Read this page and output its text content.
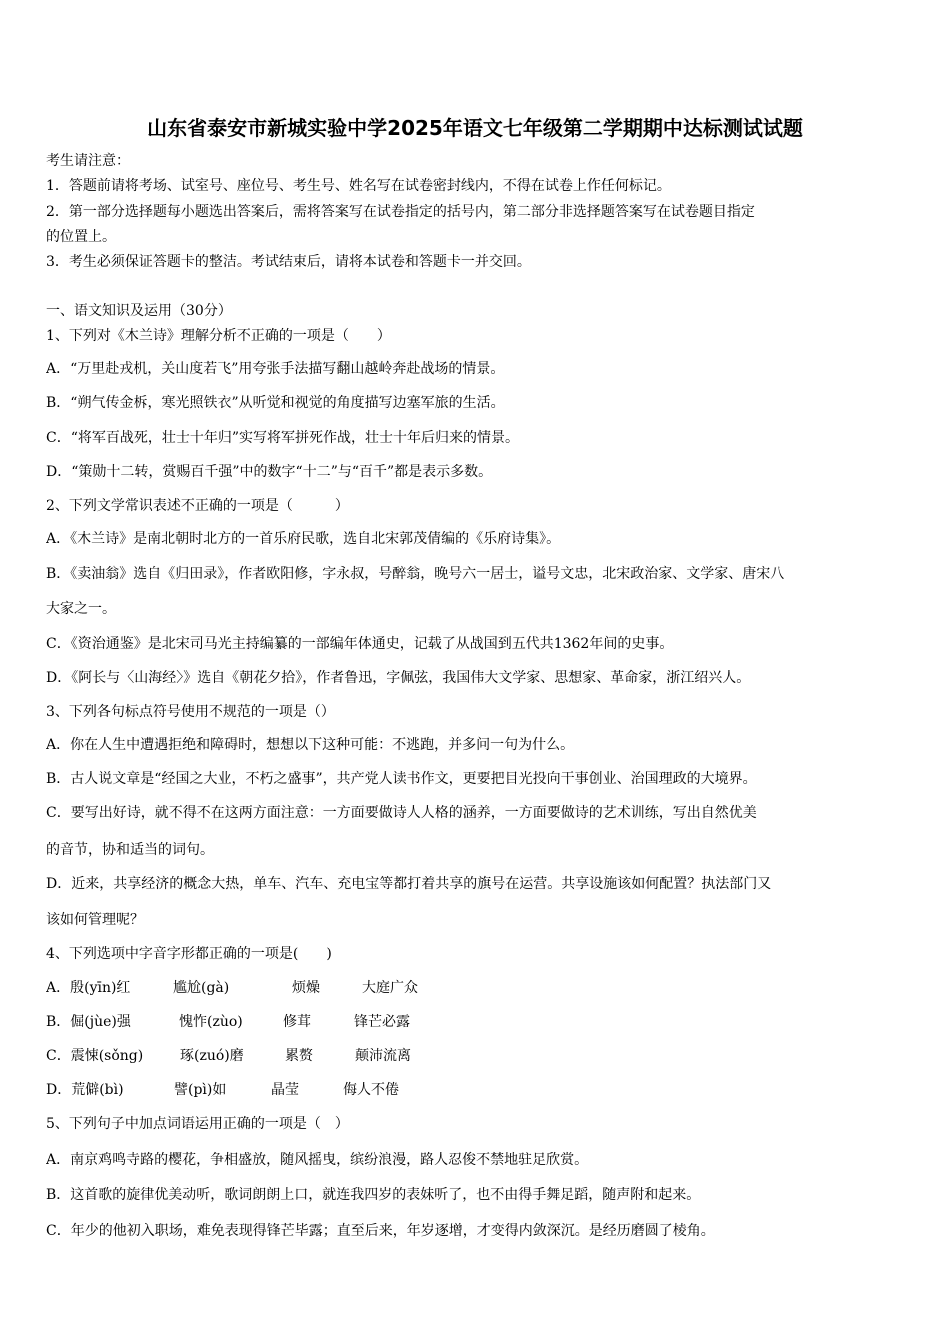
山东省泰安市新城实验中学2025年语文七年级第二学期期中达标测试试题
考生请注意：
1．答题前请将考场、试室号、座位号、考生号、姓名写在试卷密封线内，不得在试卷上作任何标记。
2．第一部分选择题每小题选出答案后，需将答案写在试卷指定的括号内，第二部分非选择题答案写在试卷题目指定
的位置上。
3．考生必须保证答题卡的整洁。考试结束后，请将本试卷和答题卡一并交回。
一、语文知识及运用（30分）
1、下列对《木兰诗》理解分析不正确的一项是（　　）
A．“万里赴戎机，关山度若飞”用夸张手法描写翻山越岭奔赴战场的情景。
B．“朔气传金柝，寒光照铁衣”从听觉和视觉的角度描写边塞军旅的生活。
C．“将军百战死，壮士十年归”实写将军拼死作战，壮士十年后归来的情景。
D．“策勋十二转，赏赐百千强”中的数字“十二”与“百千”都是表示多数。
2、下列文学常识表述不正确的一项是（　　　）
A．《木兰诗》是南北朝时北方的一首乐府民歌，选自北宋郭茂倩编的《乐府诗集》。
B．《卖油翁》选自《归田录》，作者欧阳修，字永叔，号醉翁，晚号六一居士，谥号文忠，北宋政治家、文学家、唐宋八
大家之一。
C．《资治通鉴》是北宋司马光主持编纂的一部编年体通史，记载了从战国到五代共1362年间的史事。
D．《阿长与〈山海经〉》选自《朝花夕拾》，作者鲁迅，字佩弦，我国伟大文学家、思想家、革命家，浙江绍兴人。
3、下列各句标点符号使用不规范的一项是（）
A．你在人生中遭遇拒绝和障碍时，想想以下这种可能：不逃跑，并多问一句为什么。
B．古人说文章是“经国之大业，不朽之盛事”，共产党人读书作文，更要把目光投向干事创业、治国理政的大境界。
C．要写出好诗，就不得不在这两方面注意：一方面要做诗人人格的涵养，一方面要做诗的艺术训练，写出自然优美
的音节，协和适当的词句。
D．近来，共享经济的概念大热，单车、汽车、充电宝等都打着共享的旗号在运营。共享设施该如何配置？执法部门又
该如何管理呢？
4、下列选项中字音字形都正确的一项是(　　)
A．殷(yīn)红	尴尬(gà)	烦燥	大庭广众
B．倔(jùe)强	愧怍(zùo)	修茸	锋芒必露
C．震悚(sǒng)	琢(zuó)磨	累赘	颠沛流离
D．荒僻(bì)	譬(pì)如	晶莹	侮人不倦
5、下列句子中加点词语运用正确的一项是（　）
A．南京鸡鸣寺路的樱花，争相盛放，随风摇曳，缤纷浪漫，路人忍俊不禁地驻足欣赏。
B．这首歌的旋律优美动听，歌词朗朗上口，就连我四岁的表妹听了，也不由得手舞足蹈，随声附和起来。
C．年少的他初入职场，难免表现得锋芒毕露；直至后来，年岁逐增，才变得内敛深沉。是经历磨圆了棱角。
